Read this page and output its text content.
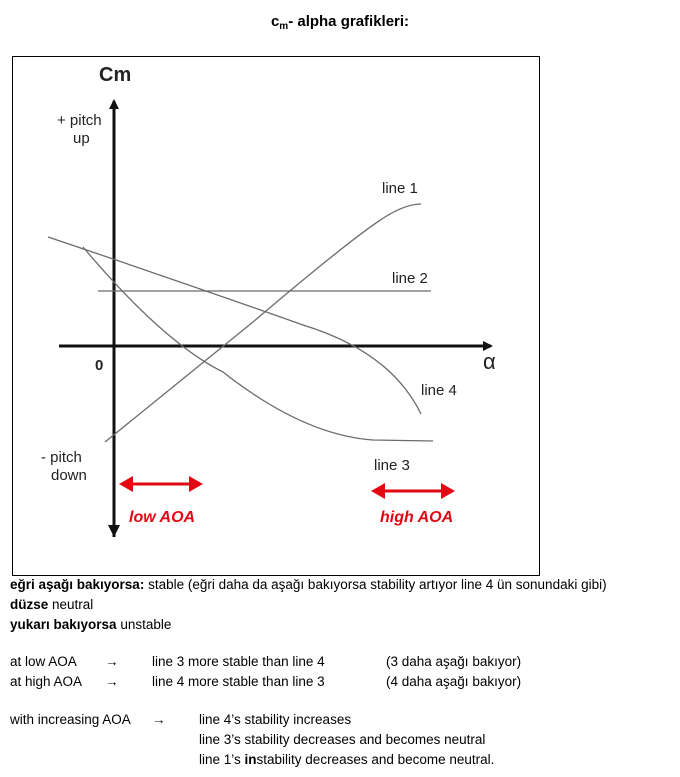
$c_m-$ alpha grafikleri:
Cm
α
0
+ pitch
up
- pitch
down
line 1
line 2
line 3
line 4
low AOA	high AOA
eğri aşağı bakıyorsa: stable (eğri daha da aşağı bakıyorsa stability artıyor line 4 ün sonundaki gibi)
düzse neutral
yukarı bakıyorsa unstable
at low AOA → line 3 more stable than line 4	(3 daha aşağı bakıyor)
at high AOA → line 4 more stable than line 3	(4 daha aşağı bakıyor)
with increasing AOA → line 4’s stability increases
line 3’s stability decreases and becomes neutral
line 1’s instability decreases and become neutral.
